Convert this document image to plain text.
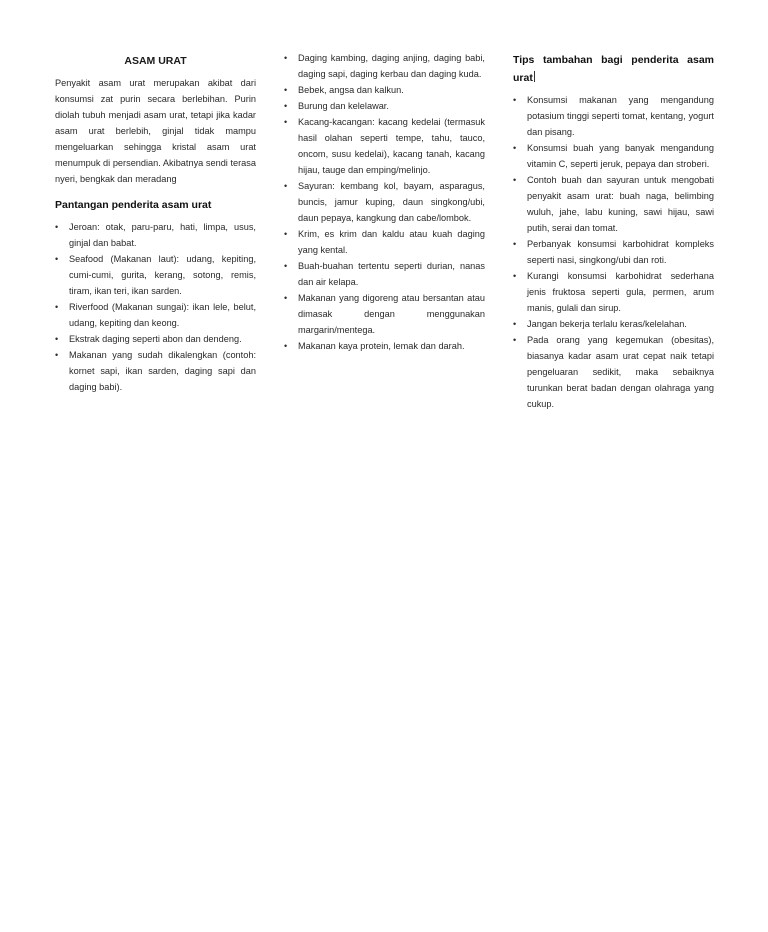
ASAM URAT

Penyakit asam urat merupakan akibat dari konsumsi zat purin secara berlebihan. Purin diolah tubuh menjadi asam urat, tetapi jika kadar asam urat berlebih, ginjal tidak mampu mengeluarkan sehingga kristal asam urat menumpuk di persendian. Akibatnya sendi terasa nyeri, bengkak dan meradang

Pantangan penderita asam urat
• Jeroan: otak, paru-paru, hati, limpa, usus, ginjal dan babat.
• Seafood (Makanan laut): udang, kepiting, cumi-cumi, gurita, kerang, sotong, remis, tiram, ikan teri, ikan sarden.
• Riverfood (Makanan sungai): ikan lele, belut, udang, kepiting dan keong.
• Ekstrak daging seperti abon dan dendeng.
• Makanan yang sudah dikalengkan (contoh: kornet sapi, ikan sarden, daging sapi dan daging babi).
• Daging kambing, daging anjing, daging babi, daging sapi, daging kerbau dan daging kuda.
• Bebek, angsa dan kalkun.
• Burung dan kelelawar.
• Kacang-kacangan: kacang kedelai (termasuk hasil olahan seperti tempe, tahu, tauco, oncom, susu kedelai), kacang tanah, kacang hijau, tauge dan emping/melinjo.
• Sayuran: kembang kol, bayam, asparagus, buncis, jamur kuping, daun singkong/ubi, daun pepaya, kangkung dan cabe/lombok.
• Krim, es krim dan kaldu atau kuah daging yang kental.
• Buah-buahan tertentu seperti durian, nanas dan air kelapa.
• Makanan yang digoreng atau bersantan atau dimasak dengan menggunakan margarin/mentega.
• Makanan kaya protein, lemak dan darah.
Tips tambahan bagi penderita asam urat
• Konsumsi makanan yang mengandung potasium tinggi seperti tomat, kentang, yogurt dan pisang.
• Konsumsi buah yang banyak mengandung vitamin C, seperti jeruk, pepaya dan stroberi.
• Contoh buah dan sayuran untuk mengobati penyakit asam urat: buah naga, belimbing wuluh, jahe, labu kuning, sawi hijau, sawi putih, serai dan tomat.
• Perbanyak konsumsi karbohidrat kompleks seperti nasi, singkong/ubi dan roti.
• Kurangi konsumsi karbohidrat sederhana jenis fruktosa seperti gula, permen, arum manis, gulali dan sirup.
• Jangan bekerja terlalu keras/kelelahan.
• Pada orang yang kegemukan (obesitas), biasanya kadar asam urat cepat naik tetapi pengeluaran sedikit, maka sebaiknya turunkan berat badan dengan olahraga yang cukup.
